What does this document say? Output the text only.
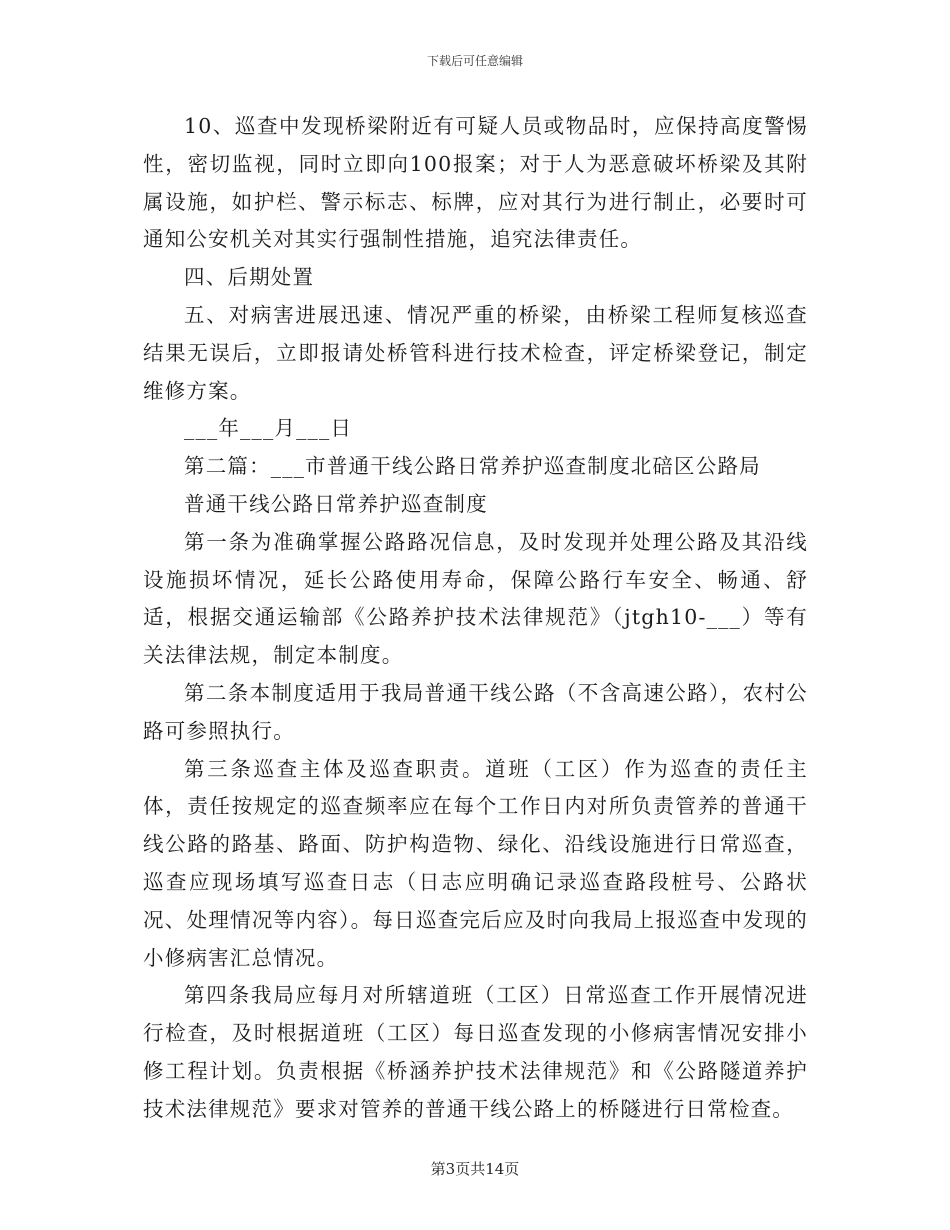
下载后可任意编辑

10、巡查中发现桥梁附近有可疑人员或物品时，应保持高度警惕性，密切监视，同时立即向100报案；对于人为恶意破坏桥梁及其附属设施，如护栏、警示标志、标牌，应对其行为进行制止，必要时可通知公安机关对其实行强制性措施，追究法律责任。

四、后期处置

五、对病害进展迅速、情况严重的桥梁，由桥梁工程师复核巡查结果无误后，立即报请处桥管科进行技术检查，评定桥梁登记，制定维修方案。

___年___月___日

第二篇：___市普通干线公路日常养护巡查制度北碚区公路局

普通干线公路日常养护巡查制度

第一条为准确掌握公路路况信息，及时发现并处理公路及其沿线设施损坏情况，延长公路使用寿命，保障公路行车安全、畅通、舒适，根据交通运输部《公路养护技术法律规范》（jtgh10-___）等有关法律法规，制定本制度。

第二条本制度适用于我局普通干线公路（不含高速公路），农村公路可参照执行。

第三条巡查主体及巡查职责。道班（工区）作为巡查的责任主体，责任按规定的巡查频率应在每个工作日内对所负责管养的普通干线公路的路基、路面、防护构造物、绿化、沿线设施进行日常巡查，巡查应现场填写巡查日志（日志应明确记录巡查路段桩号、公路状况、处理情况等内容）。每日巡查完后应及时向我局上报巡查中发现的小修病害汇总情况。

第四条我局应每月对所辖道班（工区）日常巡查工作开展情况进行检查，及时根据道班（工区）每日巡查发现的小修病害情况安排小修工程计划。负责根据《桥涵养护技术法律规范》和《公路隧道养护技术法律规范》要求对管养的普通干线公路上的桥隧进行日常检查。

第3页共14页
